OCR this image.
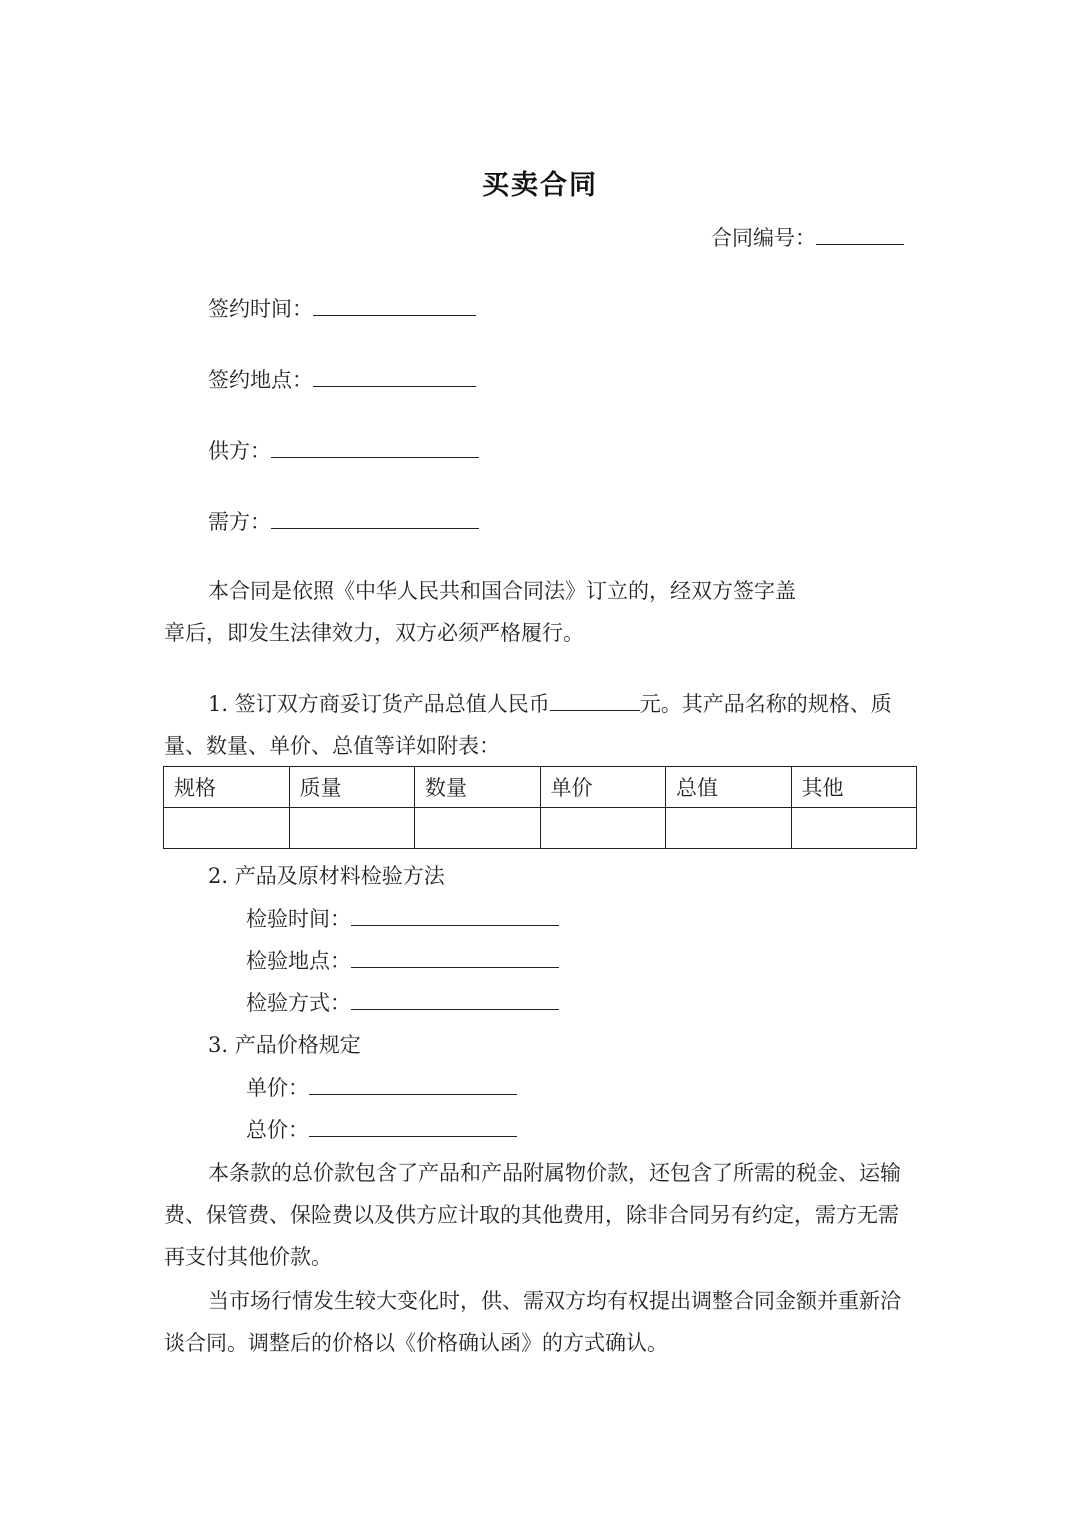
买卖合同
合同编号：
签约时间：
签约地点：
供方：
需方：
本合同是依照《中华人民共和国合同法》订立的，经双方签字盖
章后，即发生法律效力，双方必须严格履行。
1. 签订双方商妥订货产品总值人民币	元。其产品名称的规格、质
量、数量、单价、总值等详如附表：
规格	质量	数量	单价	总值	其他

2. 产品及原材料检验方法
检验时间：
检验地点：
检验方式：
3. 产品价格规定
单价：
总价：
本条款的总价款包含了产品和产品附属物价款，还包含了所需的税金、运输
费、保管费、保险费以及供方应计取的其他费用，除非合同另有约定，需方无需
再支付其他价款。
当市场行情发生较大变化时，供、需双方均有权提出调整合同金额并重新洽
谈合同。调整后的价格以《价格确认函》的方式确认。
